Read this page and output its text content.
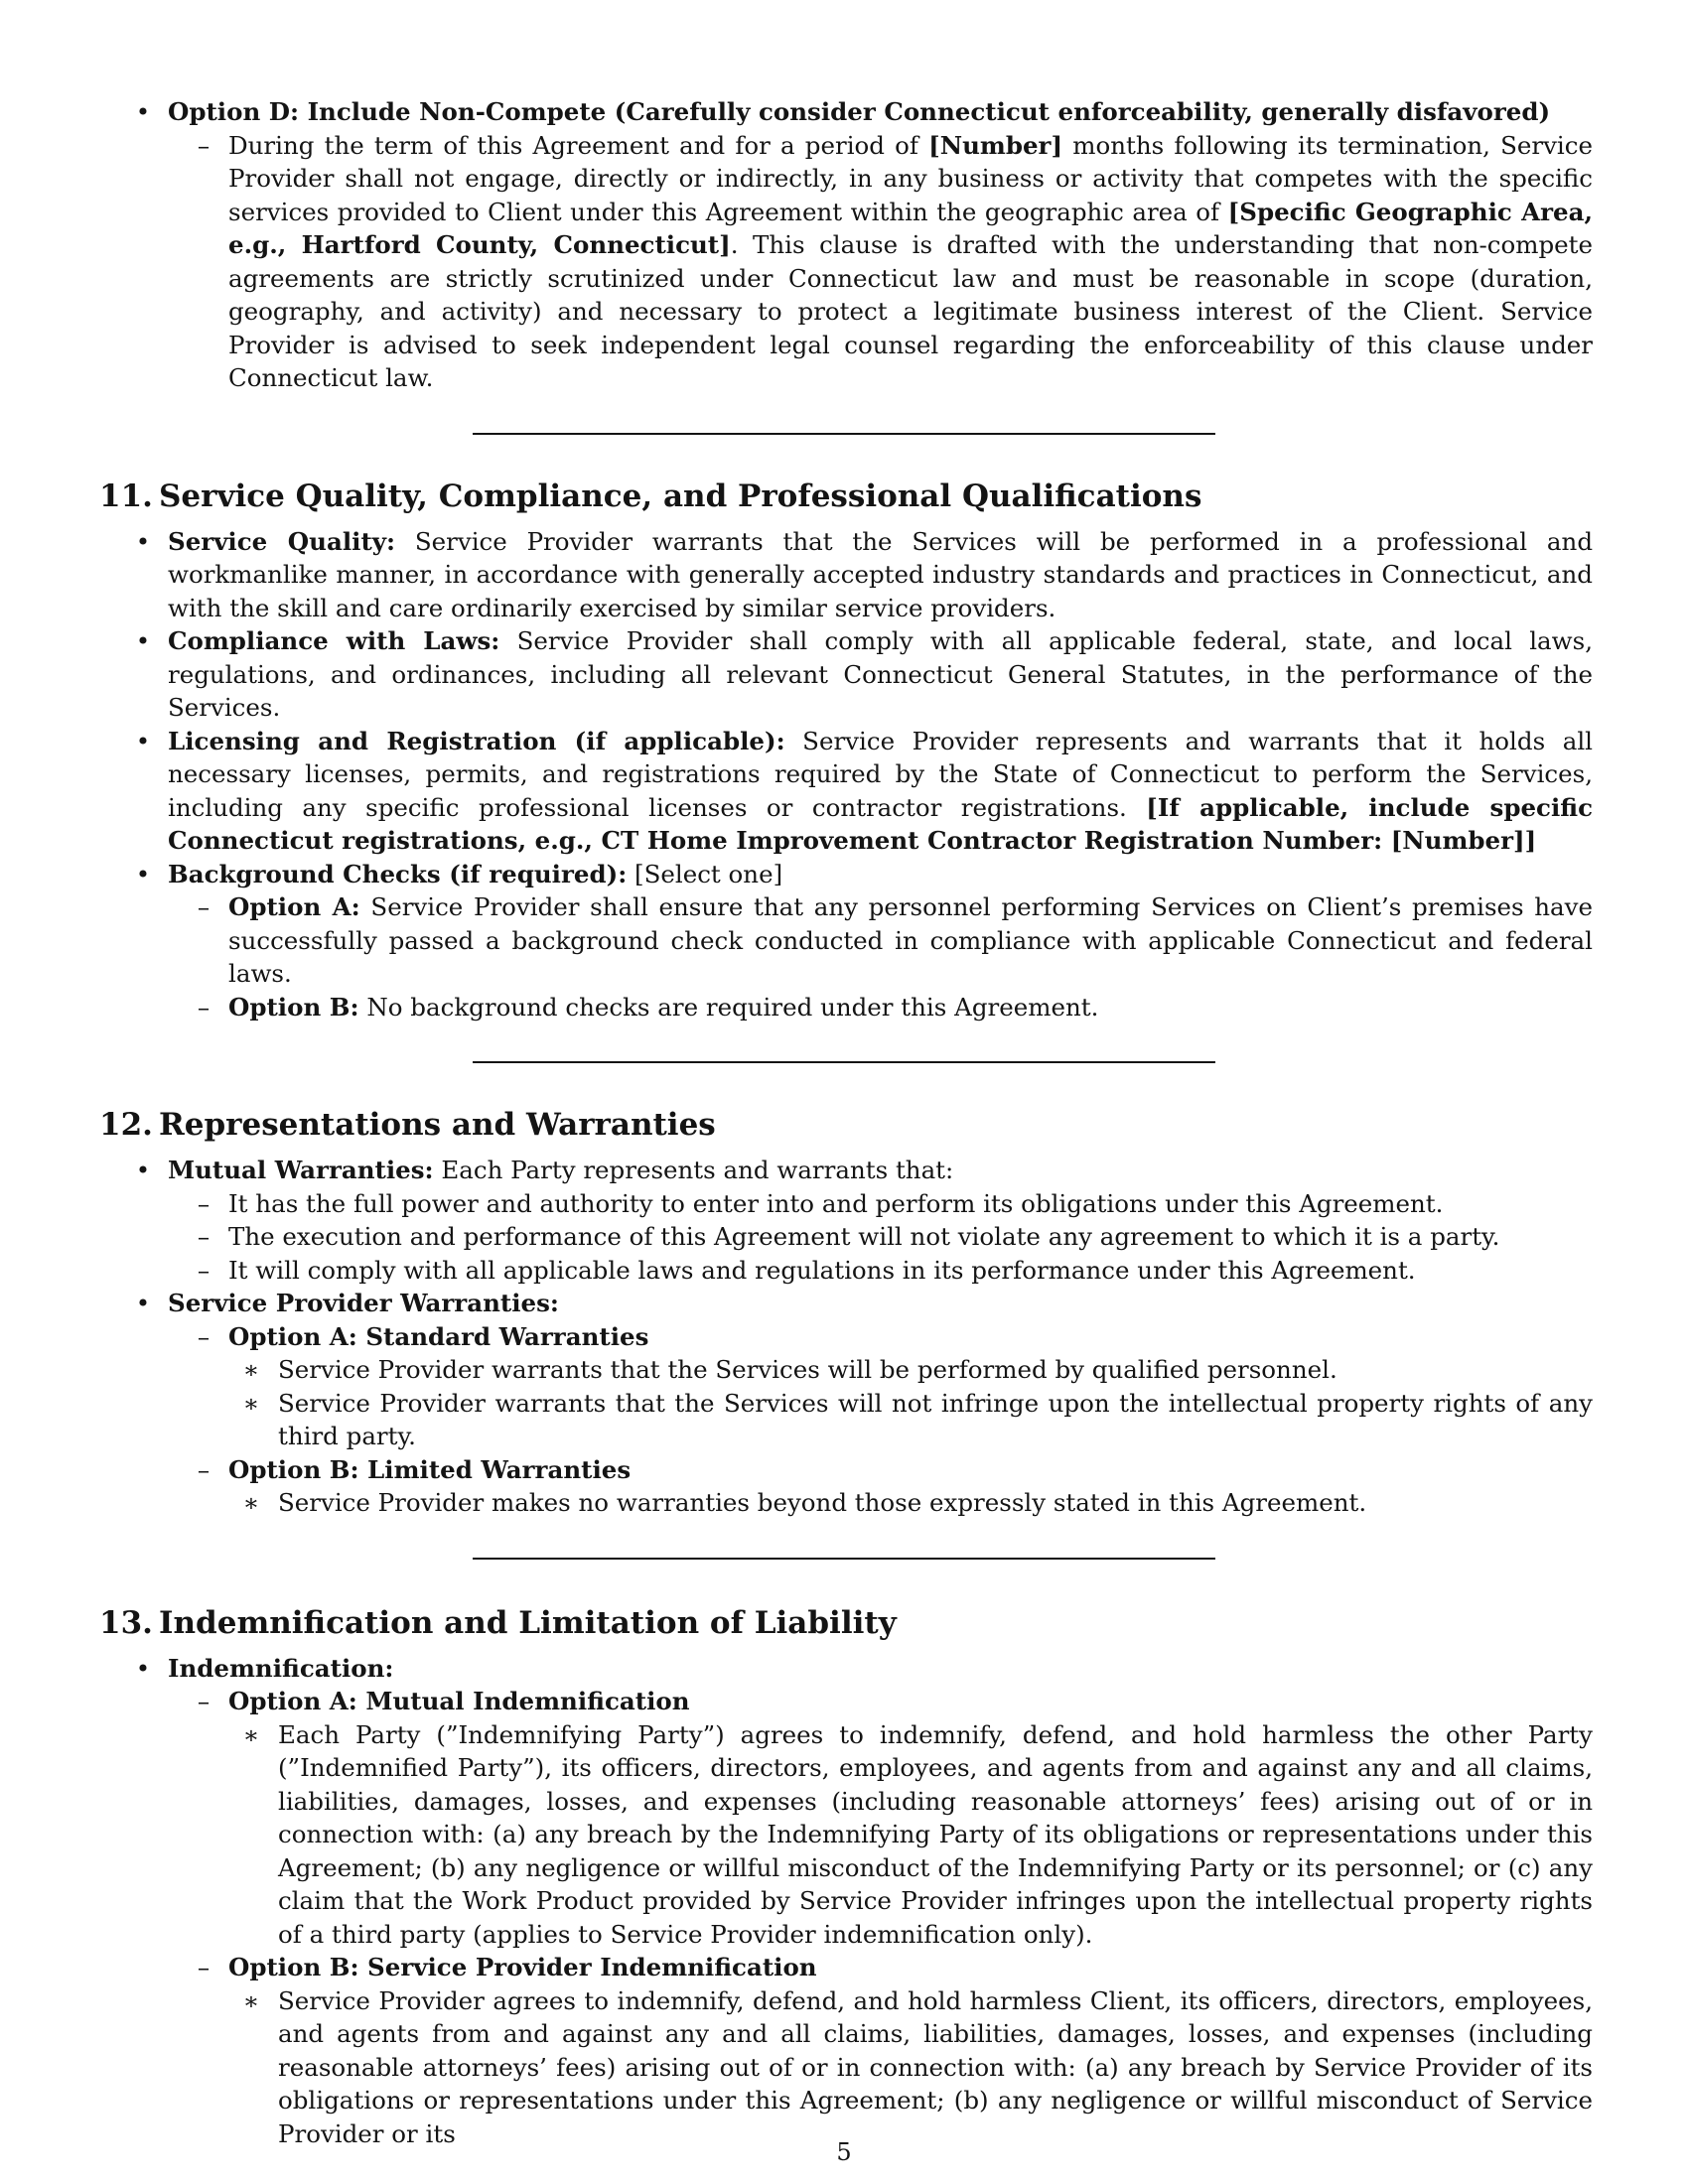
• Option D: Include Non-Compete (Carefully consider Connecticut enforceability, generally disfavored)
– During the term of this Agreement and for a period of [Number] months following its termination, Service Provider shall not engage, directly or indirectly, in any business or activity that competes with the specific services provided to Client under this Agreement within the geographic area of [Specific Geographic Area, e.g., Hartford County, Connecticut]. This clause is drafted with the understanding that non-compete agreements are strictly scrutinized under Connecticut law and must be reasonable in scope (duration, geography, and activity) and necessary to protect a legitimate business interest of the Client. Service Provider is advised to seek independent legal counsel regarding the enforceability of this clause under Connecticut law.
11. Service Quality, Compliance, and Professional Qualifications
• Service Quality: Service Provider warrants that the Services will be performed in a professional and workmanlike manner, in accordance with generally accepted industry standards and practices in Connecticut, and with the skill and care ordinarily exercised by similar service providers.
• Compliance with Laws: Service Provider shall comply with all applicable federal, state, and local laws, regulations, and ordinances, including all relevant Connecticut General Statutes, in the performance of the Services.
• Licensing and Registration (if applicable): Service Provider represents and warrants that it holds all necessary licenses, permits, and registrations required by the State of Connecticut to perform the Services, including any specific professional licenses or contractor registrations. [If applicable, include specific Connecticut registrations, e.g., CT Home Improvement Contractor Registration Number: [Number]]
• Background Checks (if required): [Select one]
– Option A: Service Provider shall ensure that any personnel performing Services on Client’s premises have successfully passed a background check conducted in compliance with applicable Connecticut and federal laws.
– Option B: No background checks are required under this Agreement.
12. Representations and Warranties
• Mutual Warranties: Each Party represents and warrants that:
– It has the full power and authority to enter into and perform its obligations under this Agreement.
– The execution and performance of this Agreement will not violate any agreement to which it is a party.
– It will comply with all applicable laws and regulations in its performance under this Agreement.
• Service Provider Warranties:
– Option A: Standard Warranties
∗ Service Provider warrants that the Services will be performed by qualified personnel.
∗ Service Provider warrants that the Services will not infringe upon the intellectual property rights of any third party.
– Option B: Limited Warranties
∗ Service Provider makes no warranties beyond those expressly stated in this Agreement.
13. Indemnification and Limitation of Liability
• Indemnification:
– Option A: Mutual Indemnification
∗ Each Party (”Indemnifying Party”) agrees to indemnify, defend, and hold harmless the other Party (”Indemnified Party”), its officers, directors, employees, and agents from and against any and all claims, liabilities, damages, losses, and expenses (including reasonable attorneys’ fees) arising out of or in connection with: (a) any breach by the Indemnifying Party of its obligations or representations under this Agreement; (b) any negligence or willful misconduct of the Indemnifying Party or its personnel; or (c) any claim that the Work Product provided by Service Provider infringes upon the intellectual property rights of a third party (applies to Service Provider indemnification only).
– Option B: Service Provider Indemnification
∗ Service Provider agrees to indemnify, defend, and hold harmless Client, its officers, directors, employees, and agents from and against any and all claims, liabilities, damages, losses, and expenses (including reasonable attorneys’ fees) arising out of or in connection with: (a) any breach by Service Provider of its obligations or representations under this Agreement; (b) any negligence or willful misconduct of Service Provider or its
5
